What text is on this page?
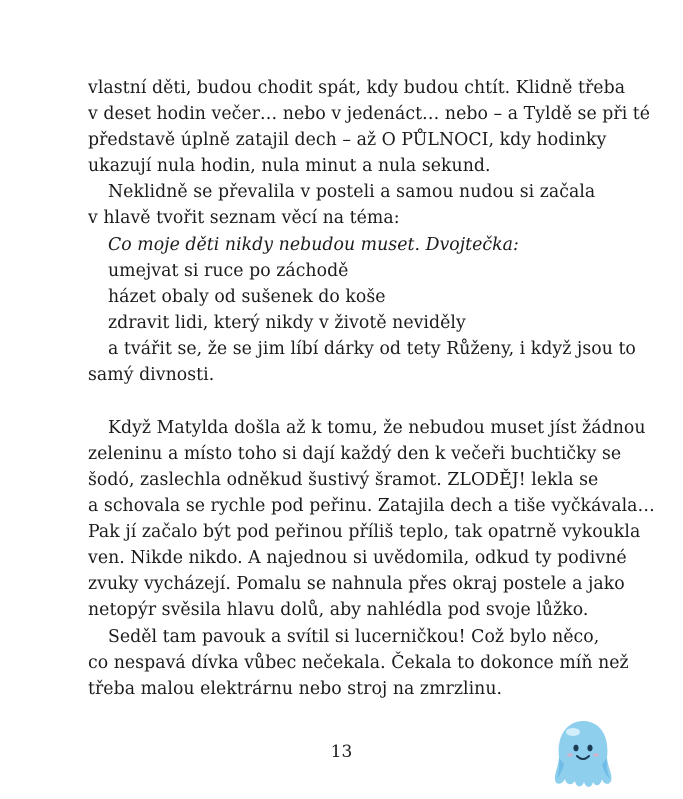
vlastní děti, budou chodit spát, kdy budou chtít. Klidně třeba
v deset hodin večer… nebo v jedenáct… nebo – a Tyldě se při té
představě úplně zatajil dech – až O PŮLNOCI, kdy hodinky
ukazují nula hodin, nula minut a nula sekund.
Neklidně se převalila v posteli a samou nudou si začala
v hlavě tvořit seznam věcí na téma:
Co moje děti nikdy nebudou muset. Dvojtečka:
umejvat si ruce po záchodě
házet obaly od sušenek do koše
zdravit lidi, který nikdy v životě neviděly
a tvářit se, že se jim líbí dárky od tety Růženy, i když jsou to
samý divnosti.
Když Matylda došla až k tomu, že nebudou muset jíst žádnou
zeleninu a místo toho si dají každý den k večeři buchtičky se
šodó, zaslechla odněkud šustivý šramot. ZLODĚJ! lekla se
a schovala se rychle pod peřinu. Zatajila dech a tiše vyčkávala…
Pak jí začalo být pod peřinou příliš teplo, tak opatrně vykoukla
ven. Nikde nikdo. A najednou si uvědomila, odkud ty podivné
zvuky vycházejí. Pomalu se nahnula přes okraj postele a jako
netopýr svěsila hlavu dolů, aby nahlédla pod svoje lůžko.
Seděl tam pavouk a svítil si lucerničkou! Což bylo něco,
co nespavá dívka vůbec nečekala. Čekala to dokonce míň než
třeba malou elektrárnu nebo stroj na zmrzlinu.
13
